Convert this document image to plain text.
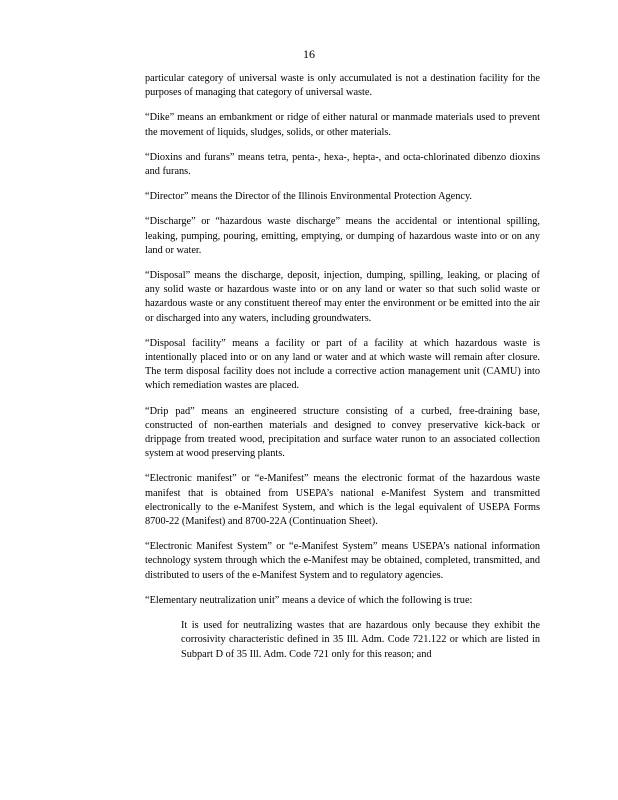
16

particular category of universal waste is only accumulated is not a destination facility for the purposes of managing that category of universal waste.

“Dike” means an embankment or ridge of either natural or manmade materials used to prevent the movement of liquids, sludges, solids, or other materials.

“Dioxins and furans” means tetra, penta-, hexa-, hepta-, and octa-chlorinated dibenzo dioxins and furans.

“Director” means the Director of the Illinois Environmental Protection Agency.

“Discharge” or “hazardous waste discharge” means the accidental or intentional spilling, leaking, pumping, pouring, emitting, emptying, or dumping of hazardous waste into or on any land or water.

“Disposal” means the discharge, deposit, injection, dumping, spilling, leaking, or placing of any solid waste or hazardous waste into or on any land or water so that such solid waste or hazardous waste or any constituent thereof may enter the environment or be emitted into the air or discharged into any waters, including groundwaters.

“Disposal facility” means a facility or part of a facility at which hazardous waste is intentionally placed into or on any land or water and at which waste will remain after closure. The term disposal facility does not include a corrective action management unit (CAMU) into which remediation wastes are placed.

“Drip pad” means an engineered structure consisting of a curbed, free-draining base, constructed of non-earthen materials and designed to convey preservative kick-back or drippage from treated wood, precipitation and surface water runon to an associated collection system at wood preserving plants.

“Electronic manifest” or “e-Manifest” means the electronic format of the hazardous waste manifest that is obtained from USEPA’s national e-Manifest System and transmitted electronically to the e-Manifest System, and which is the legal equivalent of USEPA Forms 8700-22 (Manifest) and 8700-22A (Continuation Sheet).

“Electronic Manifest System” or “e-Manifest System” means USEPA’s national information technology system through which the e-Manifest may be obtained, completed, transmitted, and distributed to users of the e-Manifest System and to regulatory agencies.

“Elementary neutralization unit” means a device of which the following is true:

It is used for neutralizing wastes that are hazardous only because they exhibit the corrosivity characteristic defined in 35 Ill. Adm. Code 721.122 or which are listed in Subpart D of 35 Ill. Adm. Code 721 only for this reason; and
